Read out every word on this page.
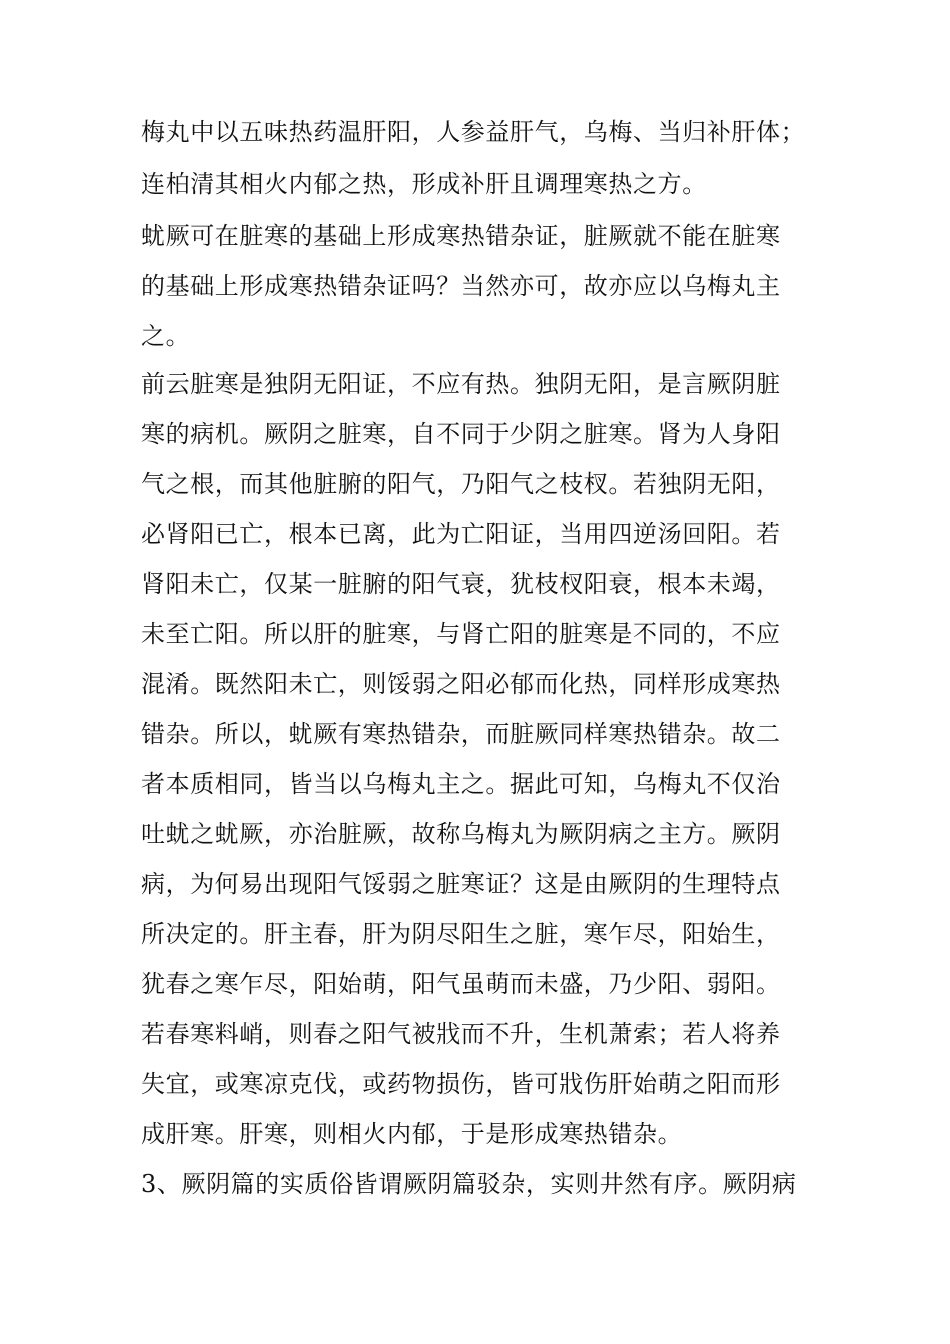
梅丸中以五味热药温肝阳，人参益肝气，乌梅、当归补肝体；
连柏清其相火内郁之热，形成补肝且调理寒热之方。
蚘厥可在脏寒的基础上形成寒热错杂证，脏厥就不能在脏寒
的基础上形成寒热错杂证吗？当然亦可，故亦应以乌梅丸主
之。
前云脏寒是独阴无阳证，不应有热。独阴无阳，是言厥阴脏
寒的病机。厥阴之脏寒，自不同于少阴之脏寒。肾为人身阳
气之根，而其他脏腑的阳气，乃阳气之枝杈。若独阴无阳，
必肾阳已亡，根本已离，此为亡阳证，当用四逆汤回阳。若
肾阳未亡，仅某一脏腑的阳气衰，犹枝杈阳衰，根本未竭，
未至亡阳。所以肝的脏寒，与肾亡阳的脏寒是不同的，不应
混淆。既然阳未亡，则馁弱之阳必郁而化热，同样形成寒热
错杂。所以，蚘厥有寒热错杂，而脏厥同样寒热错杂。故二
者本质相同，皆当以乌梅丸主之。据此可知，乌梅丸不仅治
吐蚘之蚘厥，亦治脏厥，故称乌梅丸为厥阴病之主方。厥阴
病，为何易出现阳气馁弱之脏寒证？这是由厥阴的生理特点
所决定的。肝主春，肝为阴尽阳生之脏，寒乍尽，阳始生，
犹春之寒乍尽，阳始萌，阳气虽萌而未盛，乃少阳、弱阳。
若春寒料峭，则春之阳气被戕而不升，生机萧索；若人将养
失宜，或寒凉克伐，或药物损伤，皆可戕伤肝始萌之阳而形
成肝寒。肝寒，则相火内郁，于是形成寒热错杂。
3、厥阴篇的实质俗皆谓厥阴篇驳杂，实则井然有序。厥阴病
